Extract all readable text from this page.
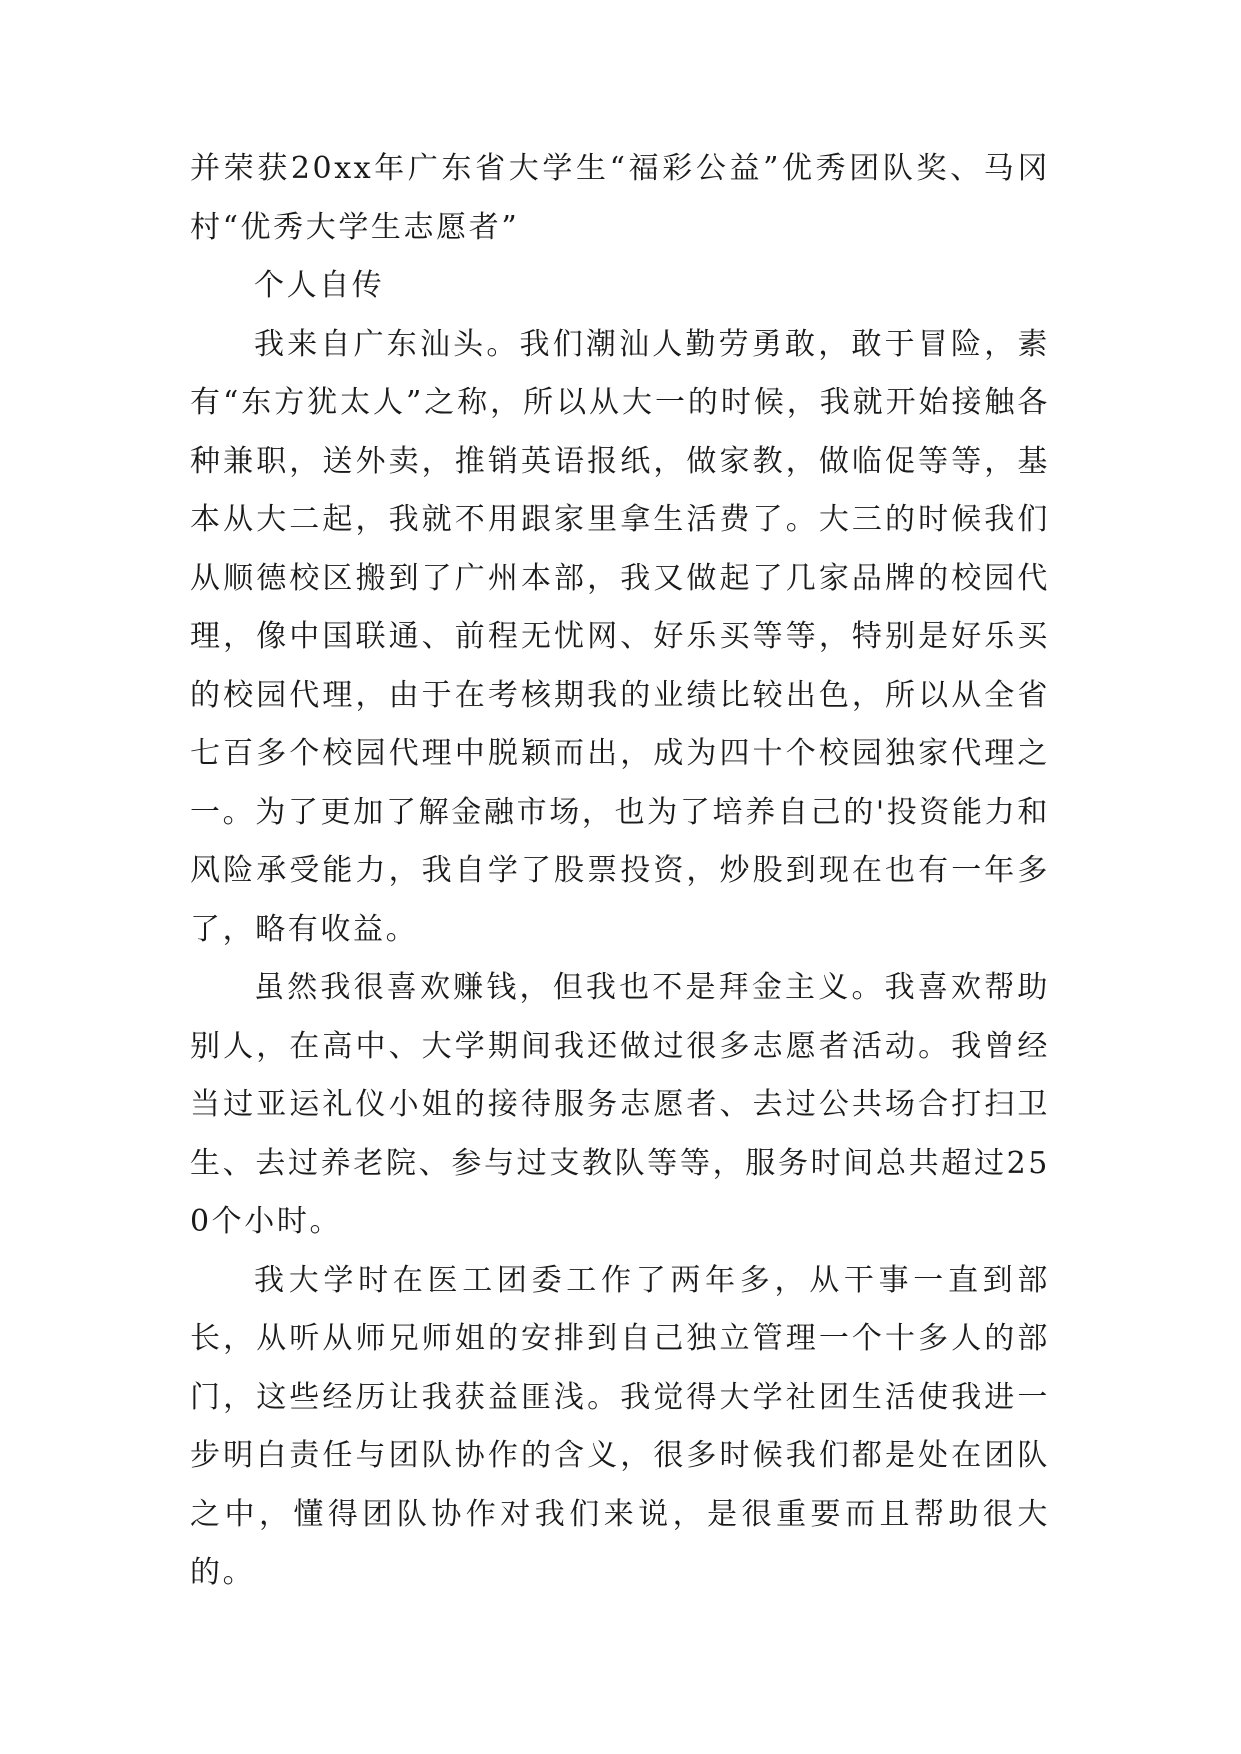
并荣获20xx年广东省大学生“福彩公益”优秀团队奖、马冈村“优秀大学生志愿者”

个人自传

我来自广东汕头。我们潮汕人勤劳勇敢，敢于冒险，素有“东方犹太人”之称，所以从大一的时候，我就开始接触各种兼职，送外卖，推销英语报纸，做家教，做临促等等，基本从大二起，我就不用跟家里拿生活费了。大三的时候我们从顺德校区搬到了广州本部，我又做起了几家品牌的校园代理，像中国联通、前程无忧网、好乐买等等，特别是好乐买的校园代理，由于在考核期我的业绩比较出色，所以从全省七百多个校园代理中脱颖而出，成为四十个校园独家代理之一。为了更加了解金融市场，也为了培养自己的'投资能力和风险承受能力，我自学了股票投资，炒股到现在也有一年多了，略有收益。

虽然我很喜欢赚钱，但我也不是拜金主义。我喜欢帮助别人，在高中、大学期间我还做过很多志愿者活动。我曾经当过亚运礼仪小姐的接待服务志愿者、去过公共场合打扫卫生、去过养老院、参与过支教队等等，服务时间总共超过250个小时。

我大学时在医工团委工作了两年多，从干事一直到部长，从听从师兄师姐的安排到自己独立管理一个十多人的部门，这些经历让我获益匪浅。我觉得大学社团生活使我进一步明白责任与团队协作的含义，很多时候我们都是处在团队之中，懂得团队协作对我们来说，是很重要而且帮助很大的。
